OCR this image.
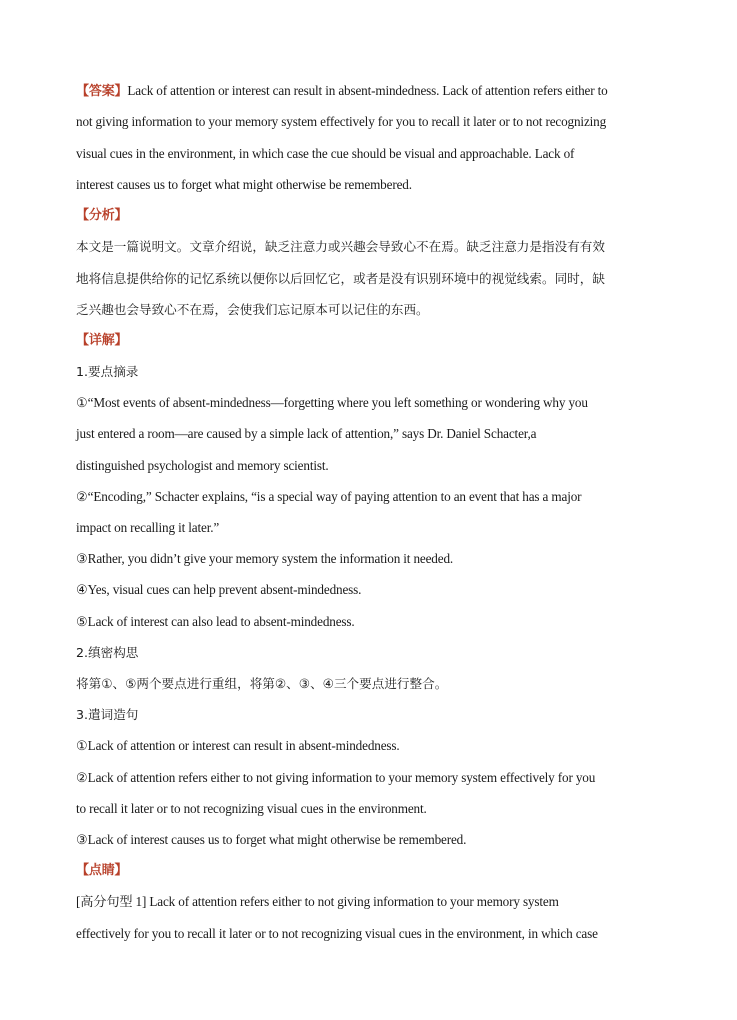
【答案】Lack of attention or interest can result in absent-mindedness. Lack of attention refers either to
not giving information to your memory system effectively for you to recall it later or to not recognizing
visual cues in the environment, in which case the cue should be visual and approachable. Lack of
interest causes us to forget what might otherwise be remembered.
【分析】
本文是一篇说明文。文章介绍说，缺乏注意力或兴趣会导致心不在焉。缺乏注意力是指没有有效
地将信息提供给你的记忆系统以便你以后回忆它，或者是没有识别环境中的视觉线索。同时，缺
乏兴趣也会导致心不在焉，会使我们忘记原本可以记住的东西。
【详解】
1.要点摘录
①“Most events of absent-mindedness—forgetting where you left something or wondering why you
just entered a room—are caused by a simple lack of attention,” says Dr. Daniel Schacter,a
distinguished psychologist and memory scientist.
②“Encoding,” Schacter explains, “is a special way of paying attention to an event that has a major
impact on recalling it later.”
③Rather, you didn’t give your memory system the information it needed.
④Yes, visual cues can help prevent absent-mindedness.
⑤Lack of interest can also lead to absent-mindedness.
2.缜密构思
将第①、⑤两个要点进行重组，将第②、③、④三个要点进行整合。
3.遣词造句
①Lack of attention or interest can result in absent-mindedness.
②Lack of attention refers either to not giving information to your memory system effectively for you
to recall it later or to not recognizing visual cues in the environment.
③Lack of interest causes us to forget what might otherwise be remembered.
【点睛】
[高分句型 1] Lack of attention refers either to not giving information to your memory system
effectively for you to recall it later or to not recognizing visual cues in the environment, in which case
